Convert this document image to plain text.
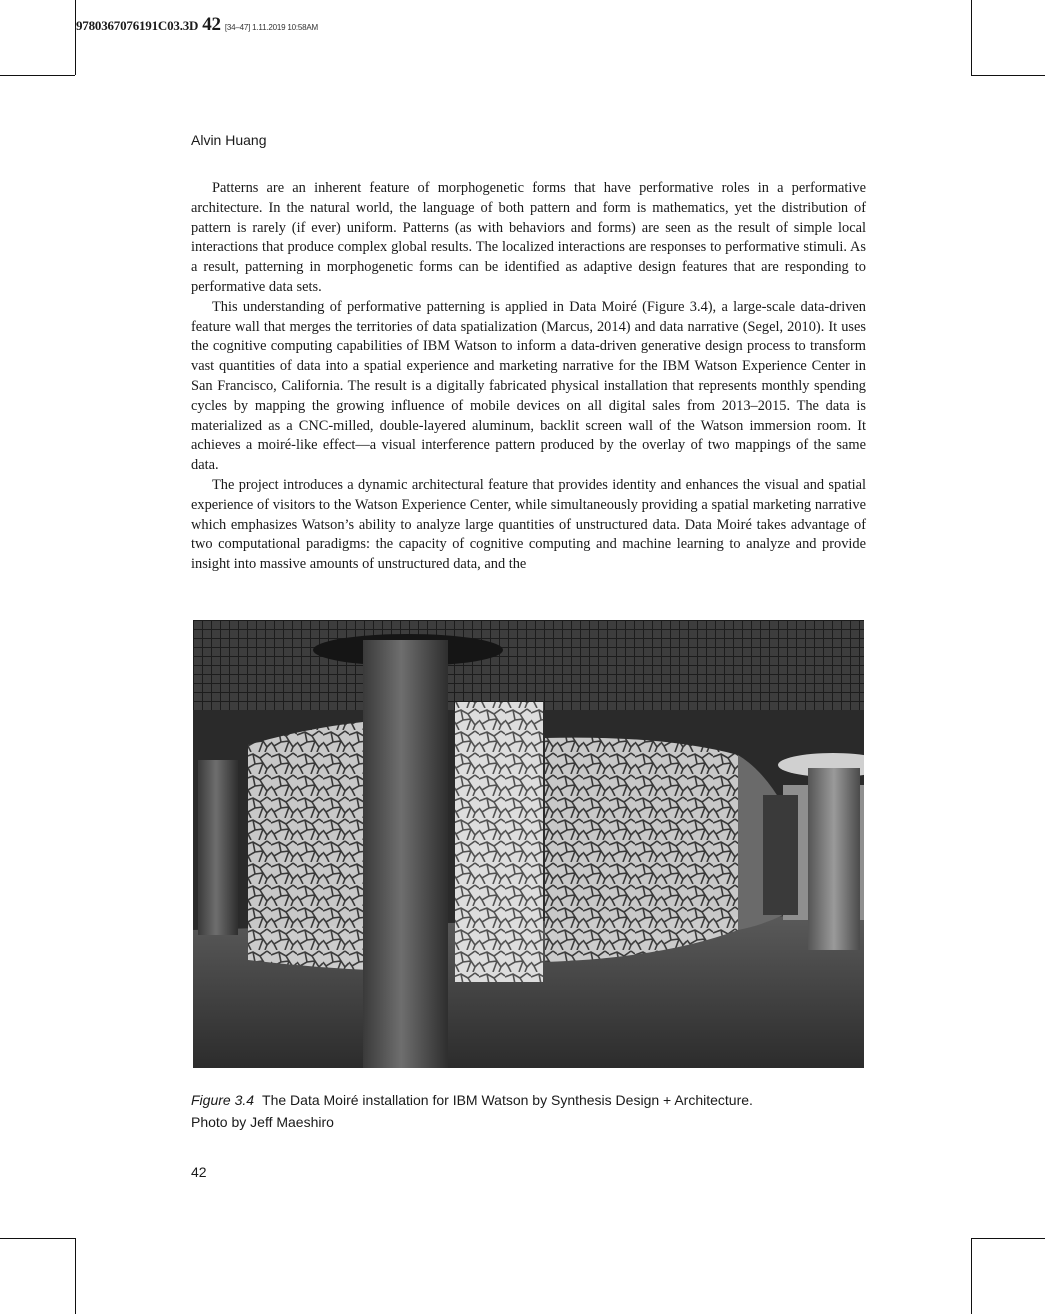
9780367076191C03.3D 42 [34–47] 1.11.2019 10:58AM
Alvin Huang

Patterns are an inherent feature of morphogenetic forms that have performative roles in a performative architecture. In the natural world, the language of both pattern and form is mathematics, yet the distribution of pattern is rarely (if ever) uniform. Patterns (as with behaviors and forms) are seen as the result of simple local interactions that produce complex global results. The localized interactions are responses to performative stimuli. As a result, patterning in morphogenetic forms can be identified as adaptive design features that are responding to performative data sets.

This understanding of performative patterning is applied in Data Moiré (Figure 3.4), a large-scale data-driven feature wall that merges the territories of data spatialization (Marcus, 2014) and data narrative (Segel, 2010). It uses the cognitive computing capabilities of IBM Watson to inform a data-driven generative design process to transform vast quantities of data into a spatial experience and marketing narrative for the IBM Watson Experience Center in San Francisco, California. The result is a digitally fabricated physical installation that represents monthly spending cycles by mapping the growing influence of mobile devices on all digital sales from 2013–2015. The data is materialized as a CNC-milled, double-layered aluminum, backlit screen wall of the Watson immersion room. It achieves a moiré-like effect—a visual interference pattern produced by the overlay of two mappings of the same data.

The project introduces a dynamic architectural feature that provides identity and enhances the visual and spatial experience of visitors to the Watson Experience Center, while simultaneously providing a spatial marketing narrative which emphasizes Watson’s ability to analyze large quantities of unstructured data. Data Moiré takes advantage of two computational paradigms: the capacity of cognitive computing and machine learning to analyze and provide insight into massive amounts of unstructured data, and the

Figure 3.4 The Data Moiré installation for IBM Watson by Synthesis Design + Architecture.
Photo by Jeff Maeshiro
42
